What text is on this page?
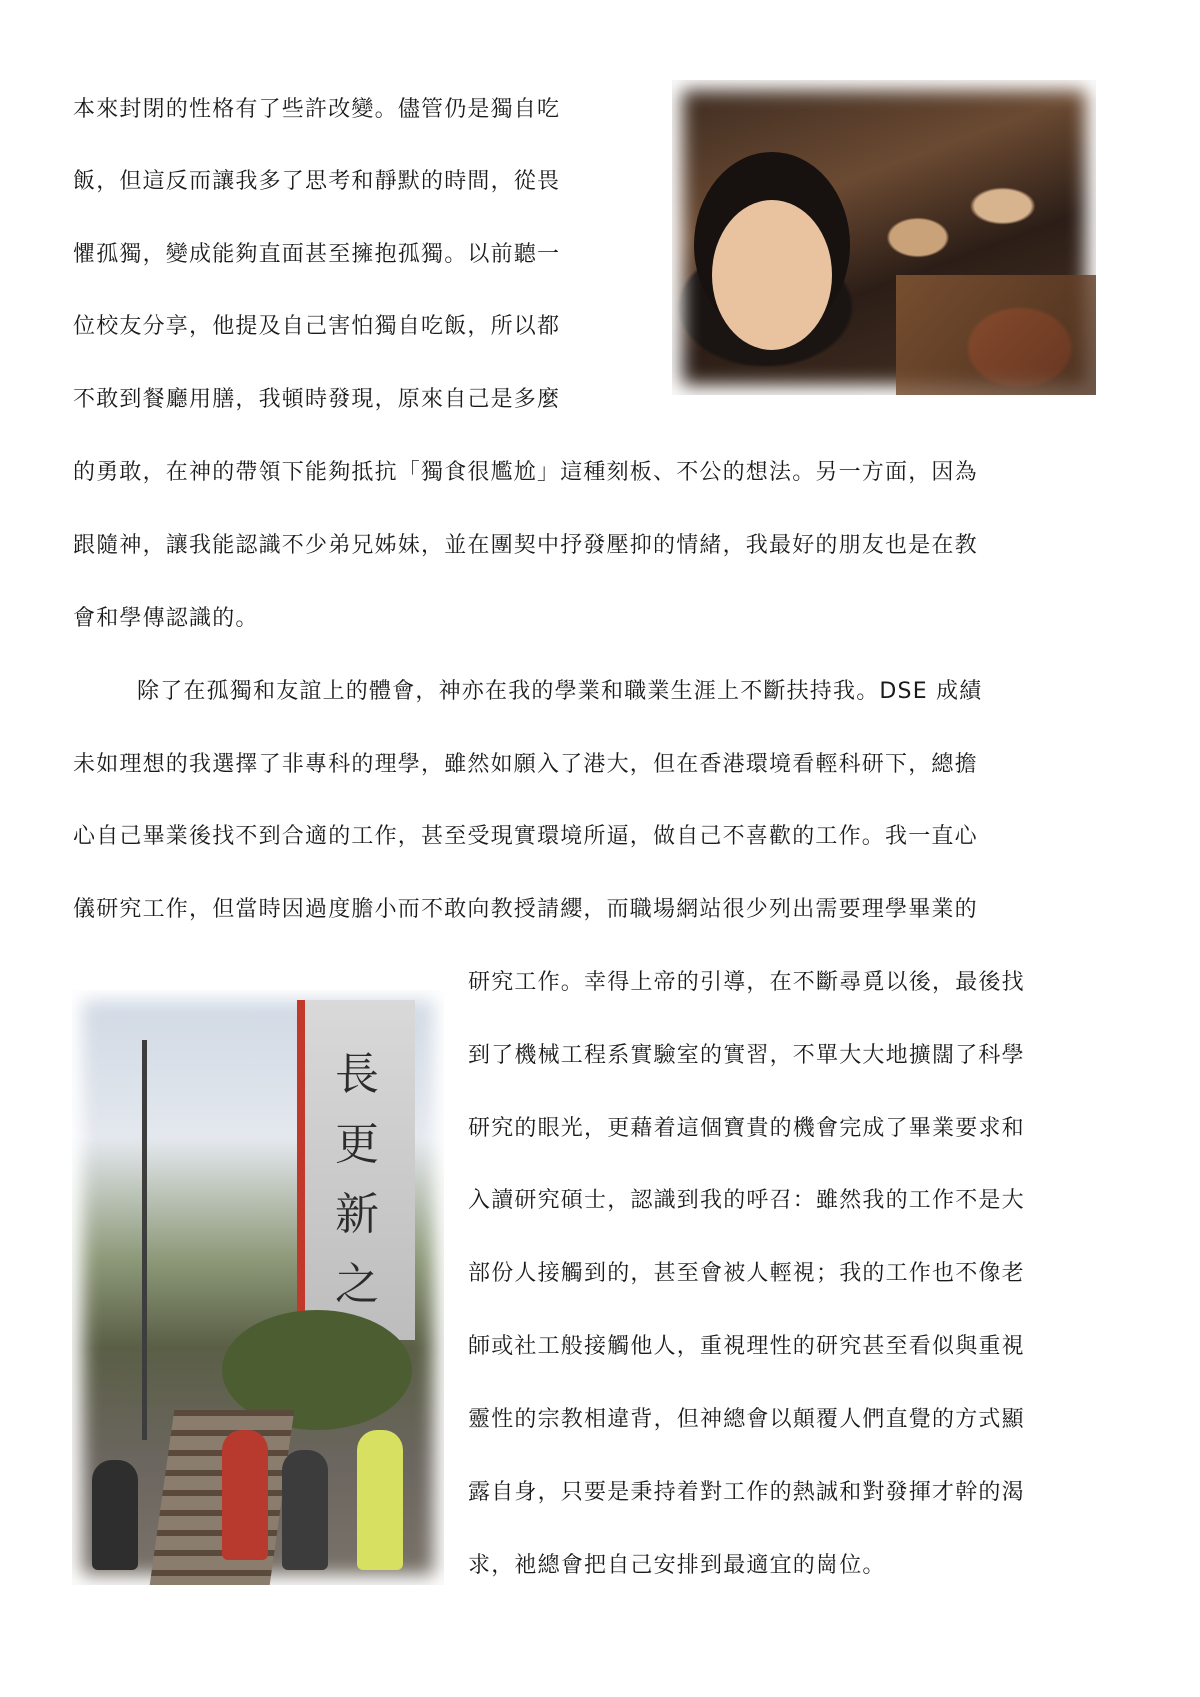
長更新之
本來封閉的性格有了些許改變。儘管仍是獨自吃
飯，但這反而讓我多了思考和靜默的時間，從畏
懼孤獨，變成能夠直面甚至擁抱孤獨。以前聽一
位校友分享，他提及自己害怕獨自吃飯，所以都
不敢到餐廳用膳，我頓時發現，原來自己是多麼
的勇敢，在神的帶領下能夠抵抗「獨食很尷尬」這種刻板、不公的想法。另一方面，因為
跟隨神，讓我能認識不少弟兄姊妹，並在團契中抒發壓抑的情緒，我最好的朋友也是在教
會和學傳認識的。
除了在孤獨和友誼上的體會，神亦在我的學業和職業生涯上不斷扶持我。DSE 成績
未如理想的我選擇了非專科的理學，雖然如願入了港大，但在香港環境看輕科研下，總擔
心自己畢業後找不到合適的工作，甚至受現實環境所逼，做自己不喜歡的工作。我一直心
儀研究工作，但當時因過度膽小而不敢向教授請纓，而職場網站很少列出需要理學畢業的
研究工作。幸得上帝的引導，在不斷尋覓以後，最後找
到了機械工程系實驗室的實習，不單大大地擴闊了科學
研究的眼光，更藉着這個寶貴的機會完成了畢業要求和
入讀研究碩士，認識到我的呼召：雖然我的工作不是大
部份人接觸到的，甚至會被人輕視；我的工作也不像老
師或社工般接觸他人，重視理性的研究甚至看似與重視
靈性的宗教相違背，但神總會以顛覆人們直覺的方式顯
露自身，只要是秉持着對工作的熱誠和對發揮才幹的渴
求，祂總會把自己安排到最適宜的崗位。
